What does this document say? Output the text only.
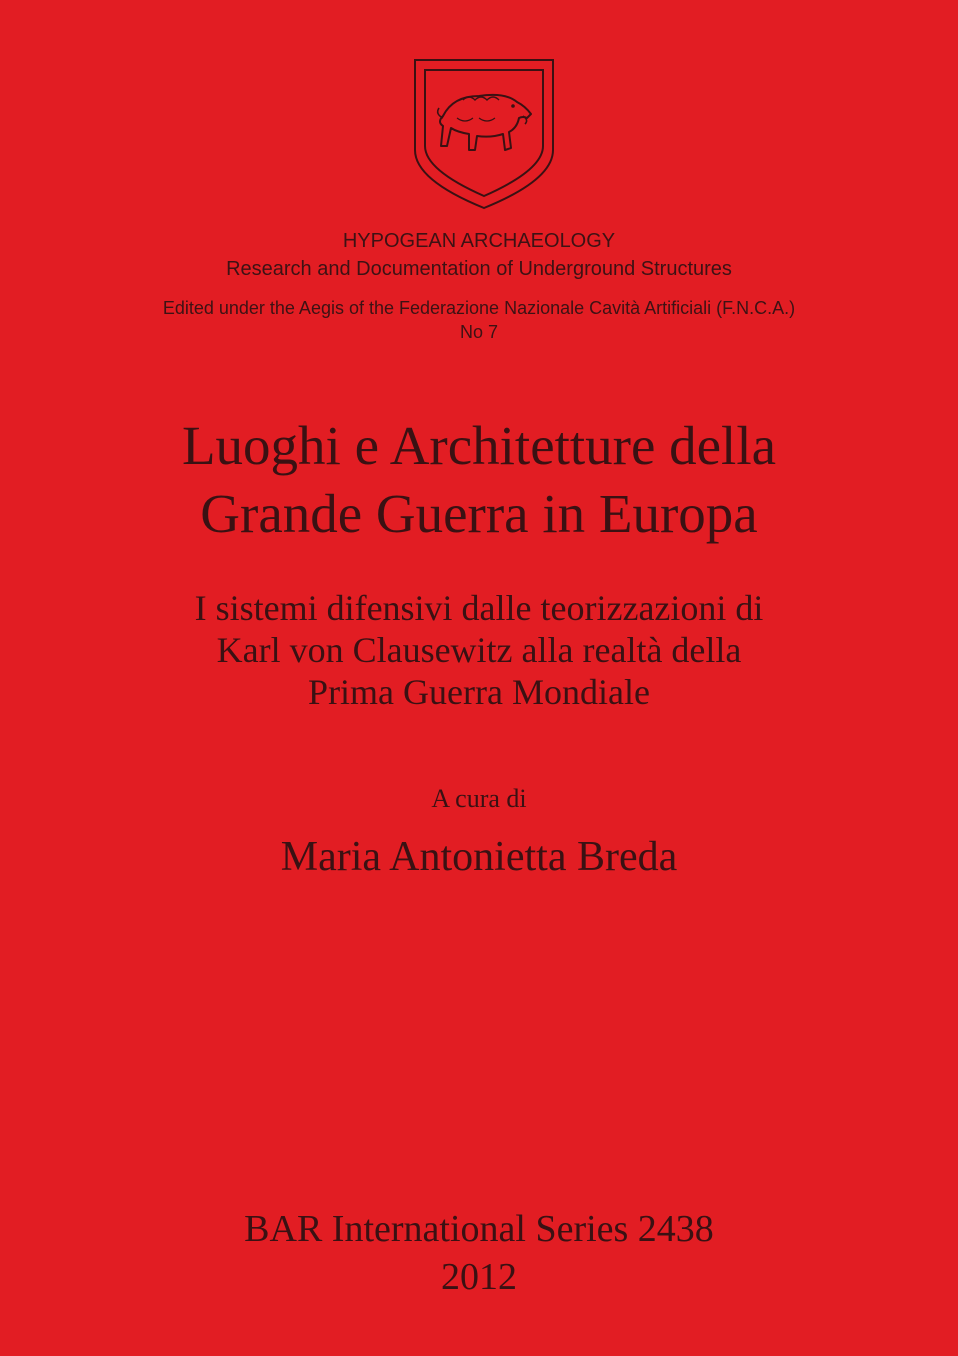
HYPOGEAN ARCHAEOLOGY
Research and Documentation of Underground Structures
Edited under the Aegis of the Federazione Nazionale Cavità Artificiali (F.N.C.A.)
No 7
Luoghi e Architetture della
Grande Guerra in Europa
I sistemi difensivi dalle teorizzazioni di
Karl von Clausewitz alla realtà della
Prima Guerra Mondiale
A cura di
Maria Antonietta Breda
BAR International Series 2438
2012
